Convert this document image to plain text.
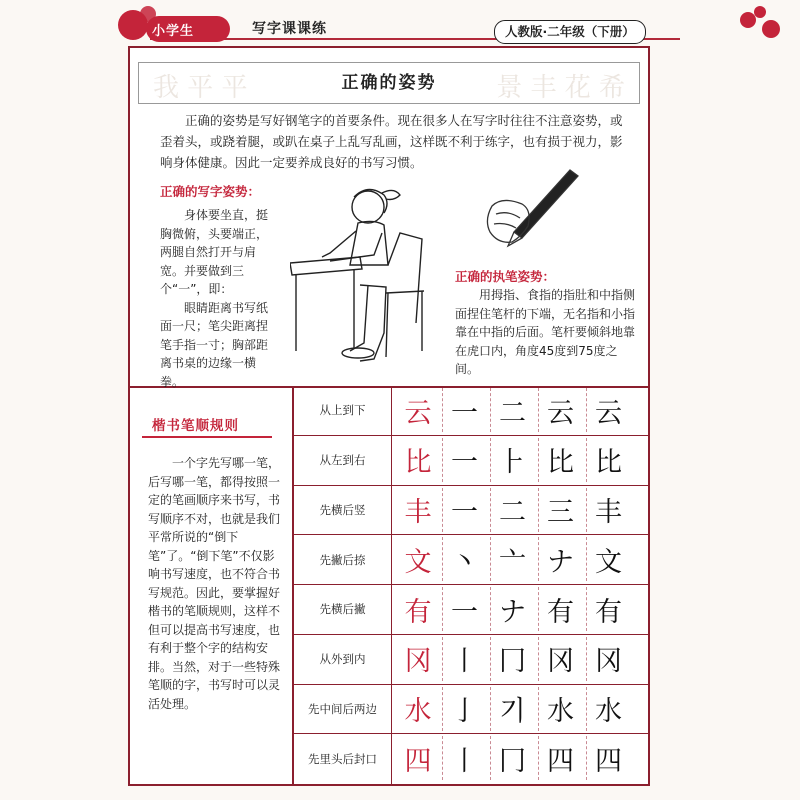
小学生	写字课课练	人教版·二年级（下册）
我 平 平	景 丰 花 希
正确的姿势
正确的姿势是写好钢笔字的首要条件。现在很多人在写字时往往不注意姿势，或歪着头，或跷着腿，或趴在桌子上乱写乱画，这样既不利于练字，也有损于视力，影响身体健康。因此一定要养成良好的书写习惯。
正确的写字姿势：

身体要坐直，挺胸微俯，头要端正，两腿自然打开与肩宽。并要做到三个“一”，即：

眼睛距离书写纸面一尺；笔尖距离捏笔手指一寸；胸部距离书桌的边缘一横拳。

正确的执笔姿势：
用拇指、食指的指肚和中指侧面捏住笔杆的下端，无名指和小指靠在中指的后面。笔杆要倾斜地靠在虎口内，角度45度到75度之间。
楷书笔顺规则
一个字先写哪一笔，后写哪一笔，都得按照一定的笔画顺序来书写，书写顺序不对，也就是我们平常所说的“倒下笔”了。“倒下笔”不仅影响书写速度，也不符合书写规范。因此，要掌握好楷书的笔顺规则，这样不但可以提高书写速度，也有利于整个字的结构安排。当然，对于一些特殊笔顺的字，书写时可以灵活处理。
从上到下	云 一 二 云 云
从左到右	比 一 ⺊ 比 比
先横后竖	丰 一 二 三 丰
先撇后捺	文 丶 亠 ナ 文
先横后撇	有 一 ナ 有 有
从外到内	冈 丨 冂 冈 冈
先中间后两边	水 亅 기 水 水
先里头后封口	四 丨 冂 四 四
